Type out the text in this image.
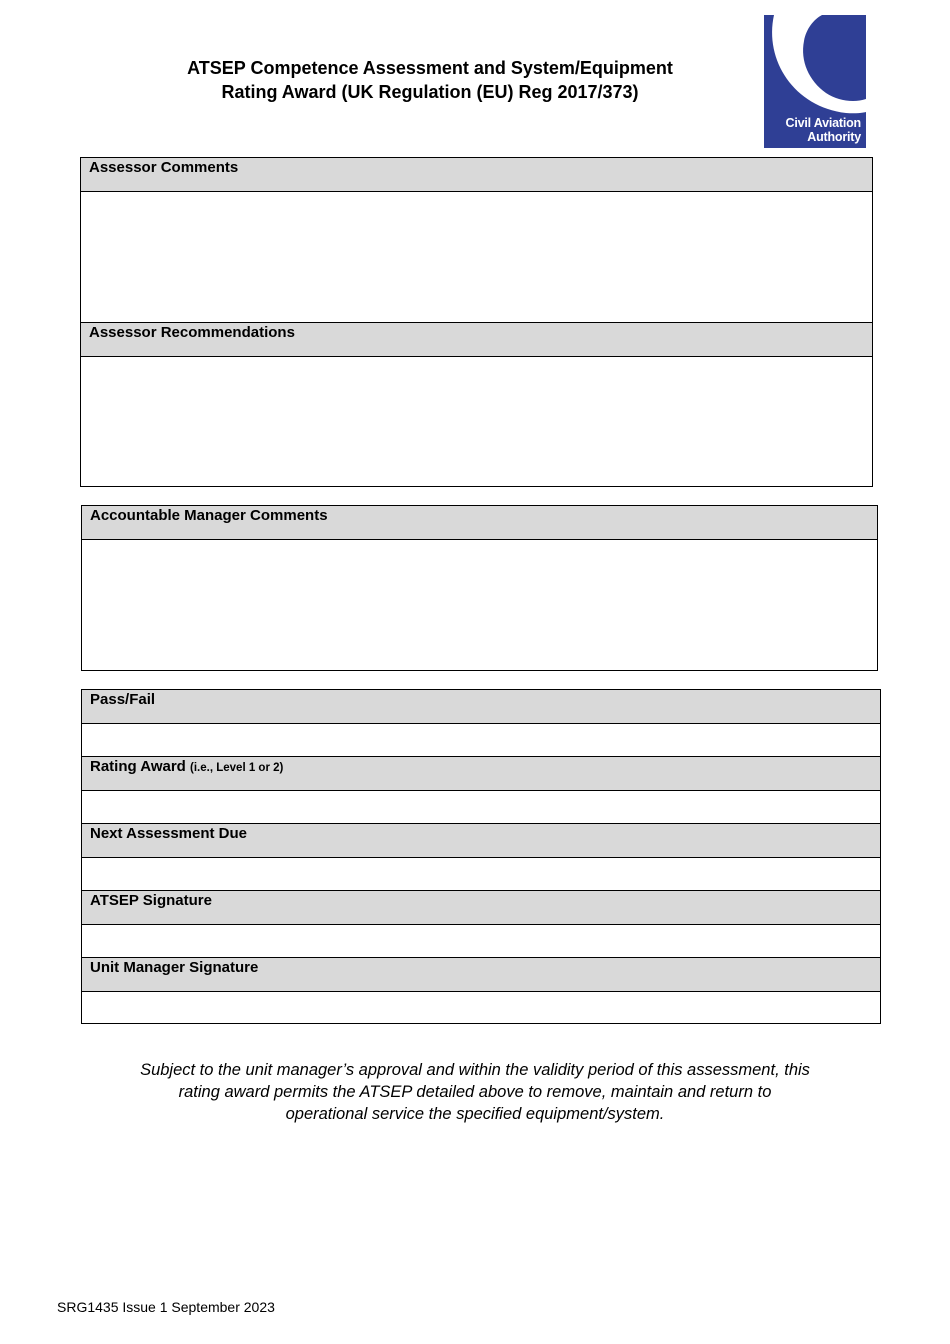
ATSEP Competence Assessment and System/Equipment
Rating Award (UK Regulation (EU) Reg 2017/373)
Civil Aviation
Authority
Assessor Comments
Assessor Recommendations
Accountable Manager Comments
Pass/Fail
Rating Award (i.e., Level 1 or 2)
Next Assessment Due
ATSEP Signature
Unit Manager Signature
Subject to the unit manager’s approval and within the validity period of this assessment, this
rating award permits the ATSEP detailed above to remove, maintain and return to
operational service the specified equipment/system.
SRG1435 Issue 1 September 2023
